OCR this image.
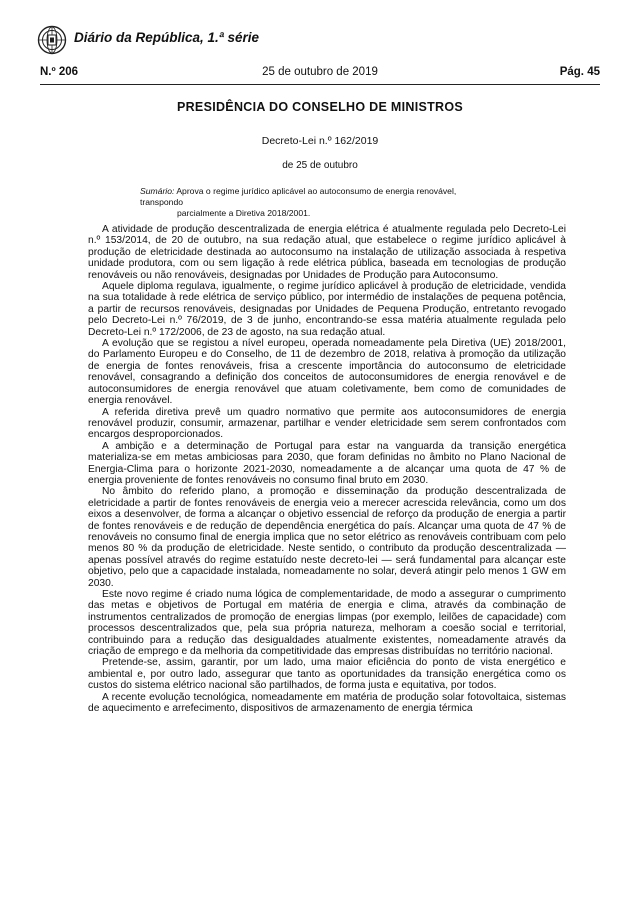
Diário da República, 1.ª série
N.º 206	25 de outubro de 2019	Pág. 45
PRESIDÊNCIA DO CONSELHO DE MINISTROS
Decreto-Lei n.º 162/2019
de 25 de outubro
Sumário: Aprova o regime jurídico aplicável ao autoconsumo de energia renovável, transpondo
parcialmente a Diretiva 2018/2001.

A atividade de produção descentralizada de energia elétrica é atualmente regulada pelo Decreto-Lei n.º 153/2014, de 20 de outubro, na sua redação atual, que estabelece o regime jurídico aplicável à produção de eletricidade destinada ao autoconsumo na instalação de utilização associada à respetiva unidade produtora, com ou sem ligação à rede elétrica pública, baseada em tecnologias de produção renováveis ou não renováveis, designadas por Unidades de Produção para Autoconsumo.

Aquele diploma regulava, igualmente, o regime jurídico aplicável à produção de eletricidade, vendida na sua totalidade à rede elétrica de serviço público, por intermédio de instalações de pequena potência, a partir de recursos renováveis, designadas por Unidades de Pequena Produção, entretanto revogado pelo Decreto-Lei n.º 76/2019, de 3 de junho, encontrando-se essa matéria atualmente regulada pelo Decreto-Lei n.º 172/2006, de 23 de agosto, na sua redação atual.

A evolução que se registou a nível europeu, operada nomeadamente pela Diretiva (UE) 2018/2001, do Parlamento Europeu e do Conselho, de 11 de dezembro de 2018, relativa à promoção da utilização de energia de fontes renováveis, frisa a crescente importância do autoconsumo de eletricidade renovável, consagrando a definição dos conceitos de autoconsumidores de energia renovável e de autoconsumidores de energia renovável que atuam coletivamente, bem como de comunidades de energia renovável.

A referida diretiva prevê um quadro normativo que permite aos autoconsumidores de energia renovável produzir, consumir, armazenar, partilhar e vender eletricidade sem serem confrontados com encargos desproporcionados.

A ambição e a determinação de Portugal para estar na vanguarda da transição energética materializa-se em metas ambiciosas para 2030, que foram definidas no âmbito no Plano Nacional de Energia-Clima para o horizonte 2021-2030, nomeadamente a de alcançar uma quota de 47 % de energia proveniente de fontes renováveis no consumo final bruto em 2030.

No âmbito do referido plano, a promoção e disseminação da produção descentralizada de eletricidade a partir de fontes renováveis de energia veio a merecer acrescida relevância, como um dos eixos a desenvolver, de forma a alcançar o objetivo essencial de reforço da produção de energia a partir de fontes renováveis e de redução de dependência energética do país. Alcançar uma quota de 47 % de renováveis no consumo final de energia implica que no setor elétrico as renováveis contribuam com pelo menos 80 % da produção de eletricidade. Neste sentido, o contributo da produção descentralizada — apenas possível através do regime estatuído neste decreto-lei — será fundamental para alcançar este objetivo, pelo que a capacidade instalada, nomeadamente no solar, deverá atingir pelo menos 1 GW em 2030.

Este novo regime é criado numa lógica de complementaridade, de modo a assegurar o cumprimento das metas e objetivos de Portugal em matéria de energia e clima, através da combinação de instrumentos centralizados de promoção de energias limpas (por exemplo, leilões de capacidade) com processos descentralizados que, pela sua própria natureza, melhoram a coesão social e territorial, contribuindo para a redução das desigualdades atualmente existentes, nomeadamente através da criação de emprego e da melhoria da competitividade das empresas distribuídas no território nacional.

Pretende-se, assim, garantir, por um lado, uma maior eficiência do ponto de vista energético e ambiental e, por outro lado, assegurar que tanto as oportunidades da transição energética como os custos do sistema elétrico nacional são partilhados, de forma justa e equitativa, por todos.

A recente evolução tecnológica, nomeadamente em matéria de produção solar fotovoltaica, sistemas de aquecimento e arrefecimento, dispositivos de armazenamento de energia térmica
